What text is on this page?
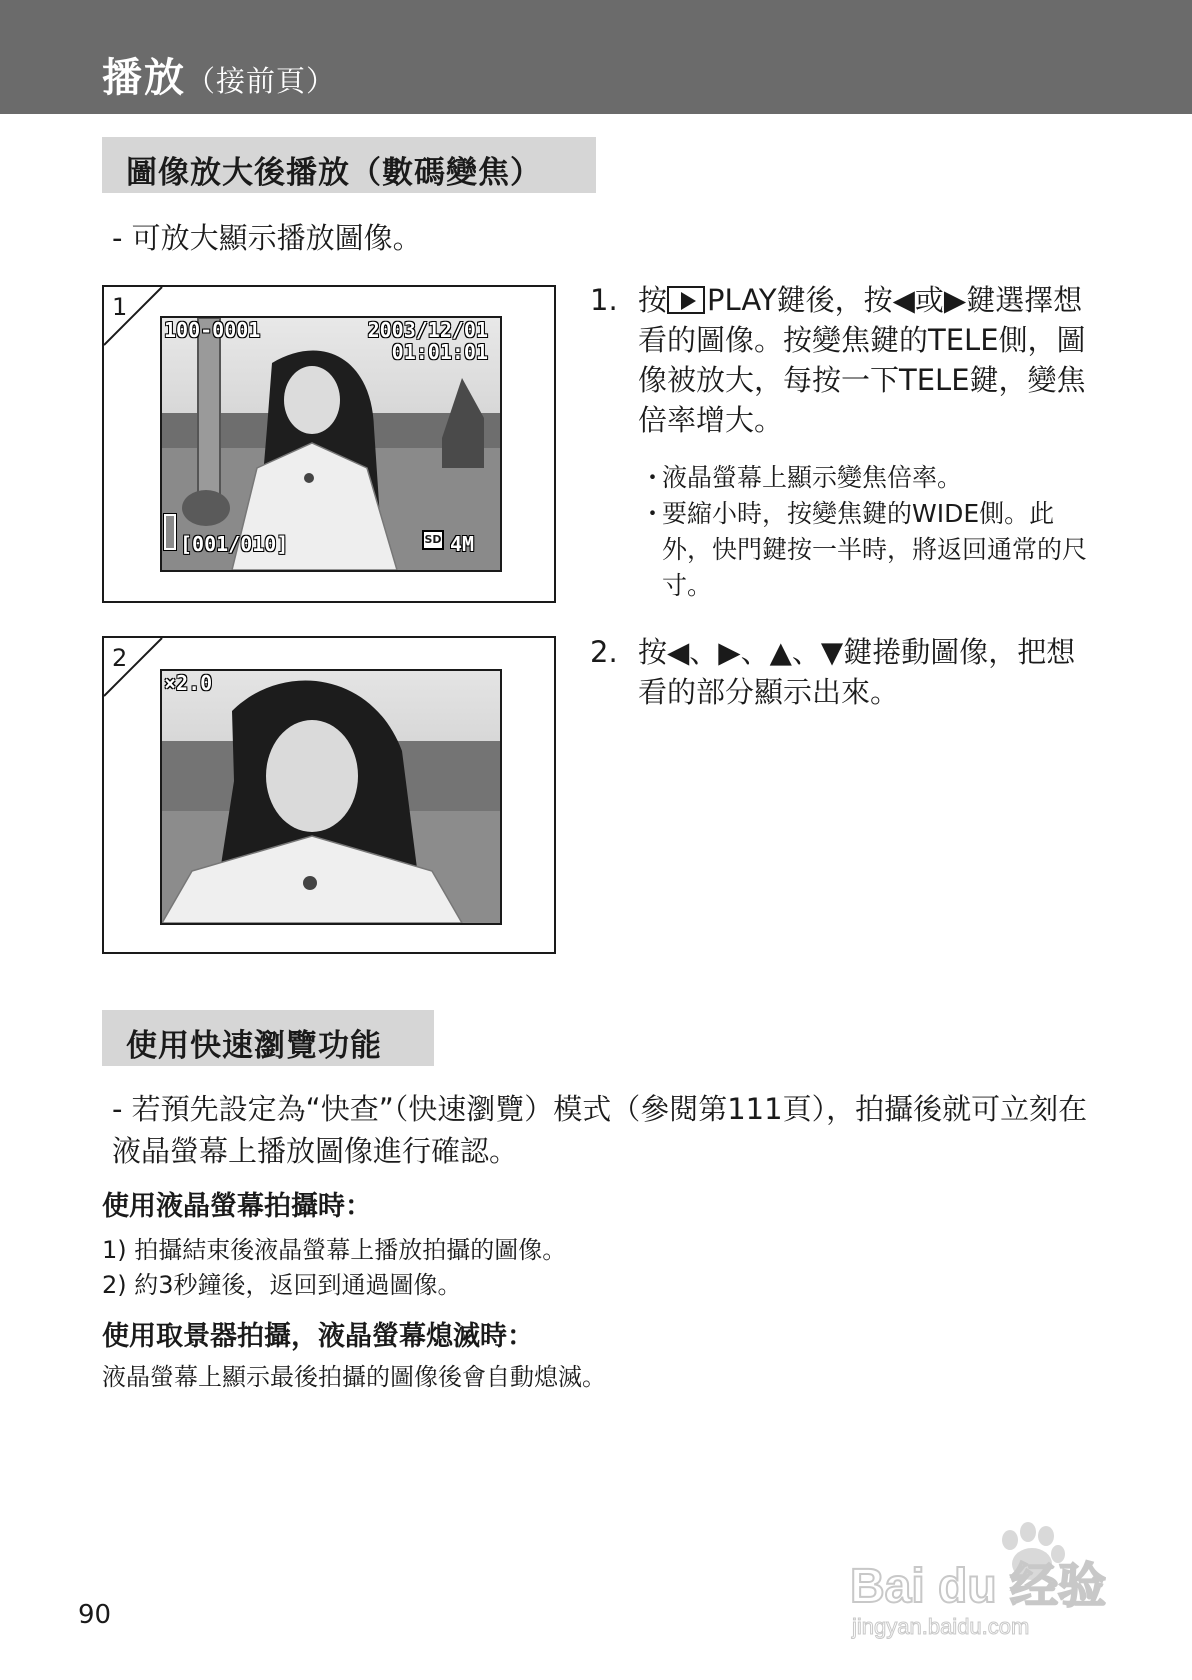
播放（接前頁）
圖像放大後播放（數碼變焦）
- 可放大顯示播放圖像。
1
100-0001	2003/12/01
01:01:01
[001/010]	SD 4M
1. 按 PLAY鍵後，按◀或▶鍵選擇想看的圖像。按變焦鍵的TELE側，圖像被放大，每按一下TELE鍵，變焦倍率增大。
・
液晶螢幕上顯示變焦倍率。
・
要縮小時，按變焦鍵的WIDE側。此外，快門鍵按一半時，將返回通常的尺寸。
2
×2.0
2. 按◀、▶、▲、▼鍵捲動圖像，把想看的部分顯示出來。
使用快速瀏覽功能
- 若預先設定為“快查”（快速瀏覽）模式（參閱第111頁），拍攝後就可立刻在液晶螢幕上播放圖像進行確認。
使用液晶螢幕拍攝時：
1) 拍攝結束後液晶螢幕上播放拍攝的圖像。
2) 約3秒鐘後，返回到通過圖像。
使用取景器拍攝，液晶螢幕熄滅時：
液晶螢幕上顯示最後拍攝的圖像後會自動熄滅。
90
Bai du 经验
jingyan.baidu.com
